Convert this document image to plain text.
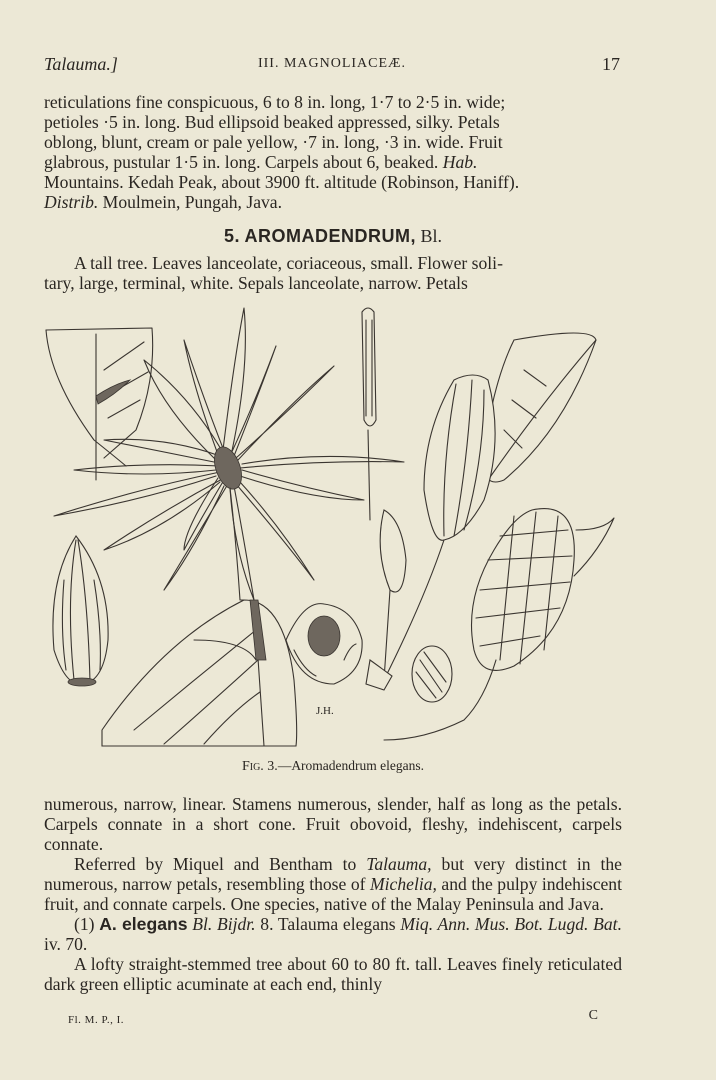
Talauma.]	III. MAGNOLIACEÆ.	17
reticulations fine conspicuous, 6 to 8 in. long, 1·7 to 2·5 in. wide;
petioles ·5 in. long. Bud ellipsoid beaked appressed, silky. Petals
oblong, blunt, cream or pale yellow, ·7 in. long, ·3 in. wide. Fruit
glabrous, pustular 1·5 in. long. Carpels about 6, beaked. Hab.
Mountains. Kedah Peak, about 3900 ft. altitude (Robinson, Haniff).
Distrib. Moulmein, Pungah, Java.
5. AROMADENDRUM, Bl.
A tall tree. Leaves lanceolate, coriaceous, small. Flower soli-
tary, large, terminal, white. Sepals lanceolate, narrow. Petals
J.H.
Fig. 3.—Aromadendrum elegans.

numerous, narrow, linear. Stamens numerous, slender, half as long as the petals. Carpels connate in a short cone. Fruit obovoid, fleshy, indehiscent, carpels connate.

Referred by Miquel and Bentham to Talauma, but very distinct in the numerous, narrow petals, resembling those of Michelia, and the pulpy indehiscent fruit, and connate carpels. One species, native of the Malay Peninsula and Java.

(1) A. elegans Bl. Bijdr. 8. Talauma elegans Miq. Ann. Mus. Bot. Lugd. Bat. iv. 70.

A lofty straight-stemmed tree about 60 to 80 ft. tall. Leaves finely reticulated dark green elliptic acuminate at each end, thinly

Fl. M. P., I.	C
